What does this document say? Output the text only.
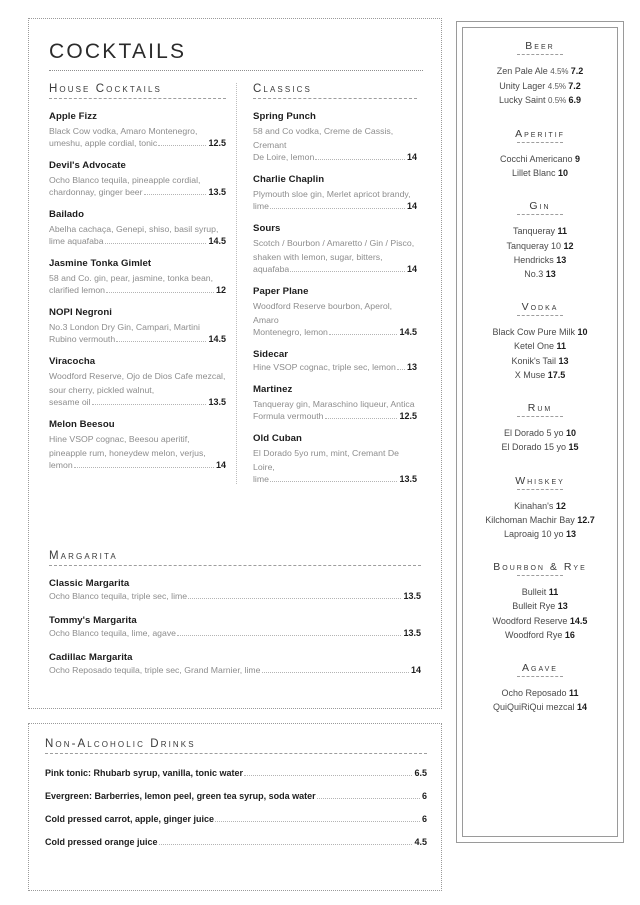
COCKTAILS
House Cocktails
Apple Fizz
Black Cow vodka, Amaro Montenegro,
umeshu, apple cordial, tonic	12.5
Devil's Advocate
Ocho Blanco tequila, pineapple cordial,
chardonnay, ginger beer	13.5
Bailado
Abelha cachaça, Genepi, shiso, basil syrup,
lime aquafaba	14.5
Jasmine Tonka Gimlet
58 and Co. gin, pear, jasmine, tonka bean,
clarified lemon	12
NOPI Negroni
No.3 London Dry Gin, Campari, Martini
Rubino vermouth	14.5
Viracocha
Woodford Reserve, Ojo de Dios Cafe mezcal,
sour cherry, pickled walnut,
sesame oil	13.5
Melon Beesou
Hine VSOP cognac, Beesou aperitif,
pineapple rum, honeydew melon, verjus,
lemon	14
Classics
Spring Punch
58 and Co vodka, Creme de Cassis, Cremant
De Loire, lemon	14
Charlie Chaplin
Plymouth sloe gin, Merlet apricot brandy,
lime	14
Sours
Scotch / Bourbon / Amaretto / Gin / Pisco,
shaken with lemon, sugar, bitters,
aquafaba	14
Paper Plane
Woodford Reserve bourbon, Aperol, Amaro
Montenegro, lemon	14.5
Sidecar
Hine VSOP cognac, triple sec, lemon 13
Martinez
Tanqueray gin, Maraschino liqueur, Antica
Formula vermouth	12.5
Old Cuban
El Dorado 5yo rum, mint, Cremant De Loire,
lime	13.5
Margarita
Classic Margarita
Ocho Blanco tequila, triple sec, lime	13.5
Tommy's Margarita
Ocho Blanco tequila, lime, agave	13.5
Cadillac Margarita
Ocho Reposado tequila, triple sec, Grand Marnier, lime	14
Non-Alcoholic Drinks
Pink tonic: Rhubarb syrup, vanilla, tonic water	6.5
Evergreen: Barberries, lemon peel, green tea syrup, soda water	6
Cold pressed carrot, apple, ginger juice	6
Cold pressed orange juice	4.5
Beer
Zen Pale Ale 4.5% 7.2
Unity Lager 4.5% 7.2
Lucky Saint 0.5% 6.9
Aperitif
Cocchi Americano 9
Lillet Blanc 10
Gin
Tanqueray 11
Tanqueray 10 12
Hendricks 13
No.3 13
Vodka
Black Cow Pure Milk 10
Ketel One 11
Konik's Tail 13
X Muse 17.5
Rum
El Dorado 5 yo 10
El Dorado 15 yo 15
Whiskey
Kinahan's 12
Kilchoman Machir Bay 12.7
Laproaig 10 yo 13
Bourbon & Rye
Bulleit 11
Bulleit Rye 13
Woodford Reserve 14.5
Woodford Rye 16
Agave
Ocho Reposado 11
QuiQuiRiQui mezcal 14
